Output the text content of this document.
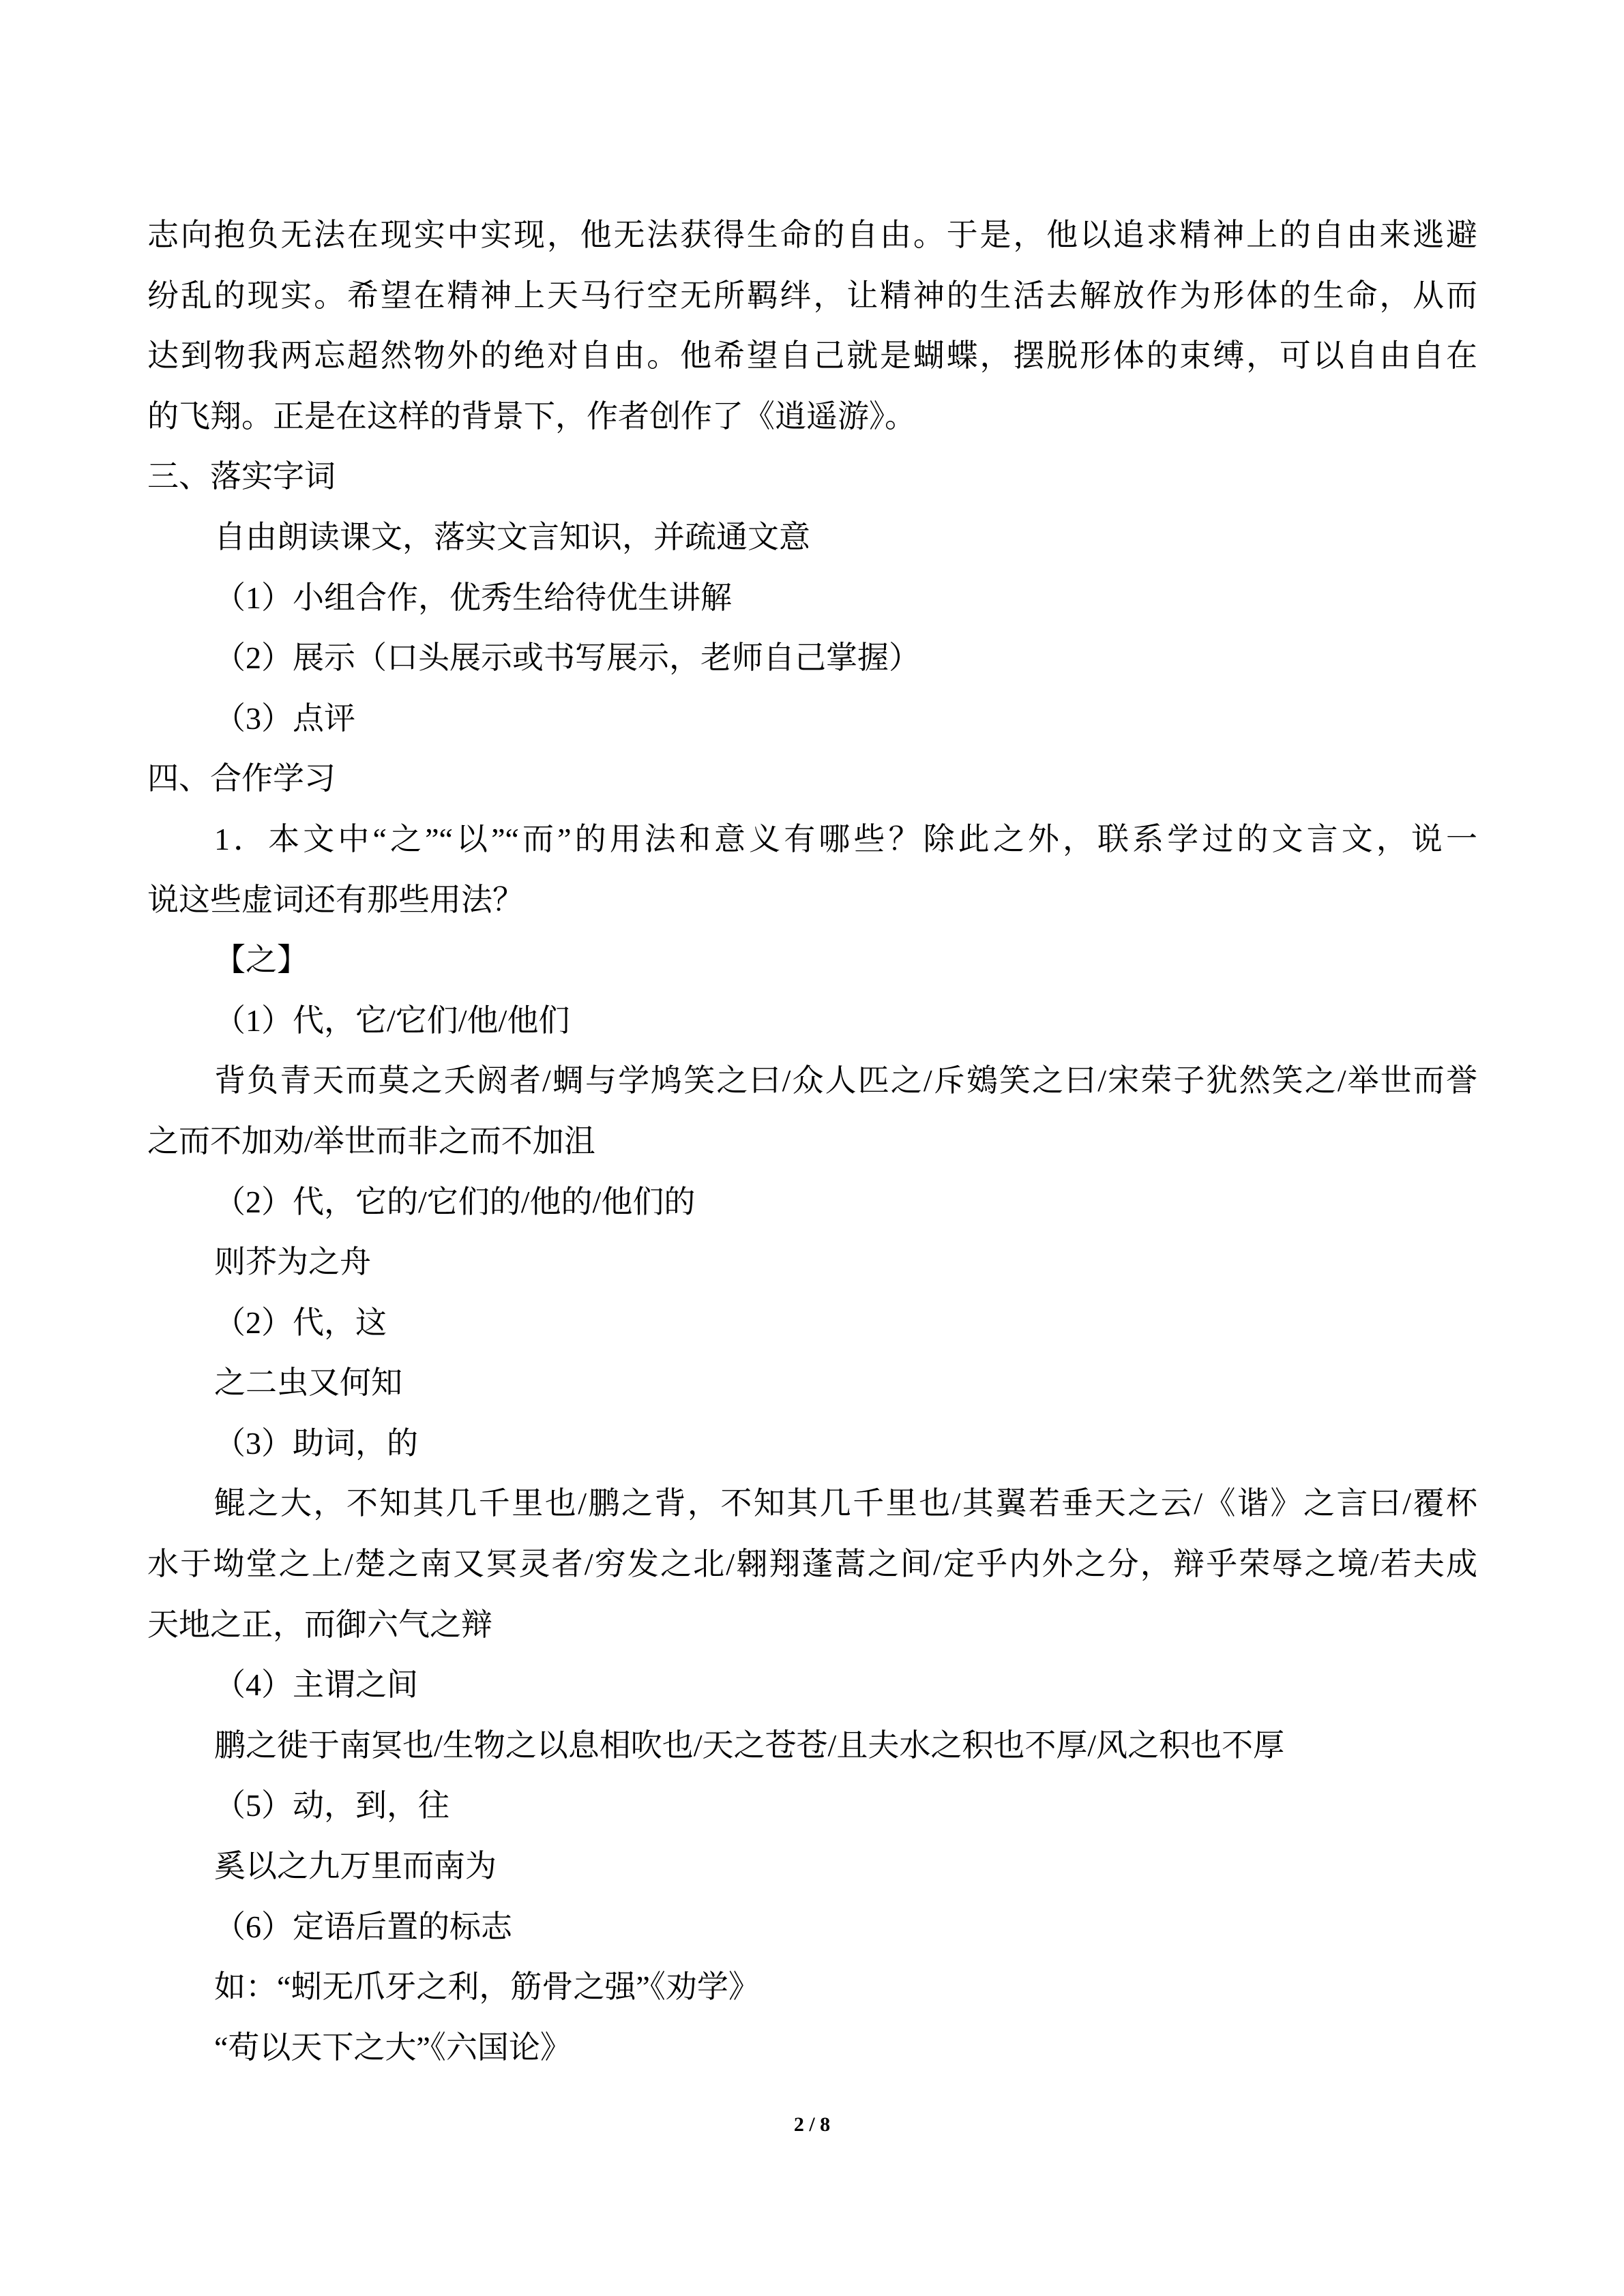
志向抱负无法在现实中实现，他无法获得生命的自由。于是，他以追求精神上的自由来逃避
纷乱的现实。希望在精神上天马行空无所羁绊，让精神的生活去解放作为形体的生命，从而
达到物我两忘超然物外的绝对自由。他希望自己就是蝴蝶，摆脱形体的束缚，可以自由自在
的飞翔。正是在这样的背景下，作者创作了《逍遥游》。
三、落实字词
自由朗读课文，落实文言知识，并疏通文意
（1）小组合作，优秀生给待优生讲解
（2）展示（口头展示或书写展示，老师自己掌握）
（3）点评
四、合作学习
1．本文中“之”“以”“而”的用法和意义有哪些？除此之外，联系学过的文言文，说一
说这些虚词还有那些用法？
【之】
（1）代，它/它们/他/他们
背负青天而莫之夭阏者/蜩与学鸠笑之曰/众人匹之/斥鴳笑之曰/宋荣子犹然笑之/举世而誉
之而不加劝/举世而非之而不加沮
（2）代，它的/它们的/他的/他们的
则芥为之舟
（2）代，这
之二虫又何知
（3）助词，的
鲲之大，不知其几千里也/鹏之背，不知其几千里也/其翼若垂天之云/《谐》之言曰/覆杯
水于坳堂之上/楚之南又冥灵者/穷发之北/翱翔蓬蒿之间/定乎内外之分，辩乎荣辱之境/若夫成
天地之正，而御六气之辩
（4）主谓之间
鹏之徙于南冥也/生物之以息相吹也/天之苍苍/且夫水之积也不厚/风之积也不厚
（5）动，到，往
奚以之九万里而南为
（6）定语后置的标志
如：“蚓无爪牙之利，筋骨之强”《劝学》
“苟以天下之大”《六国论》
2 / 8
